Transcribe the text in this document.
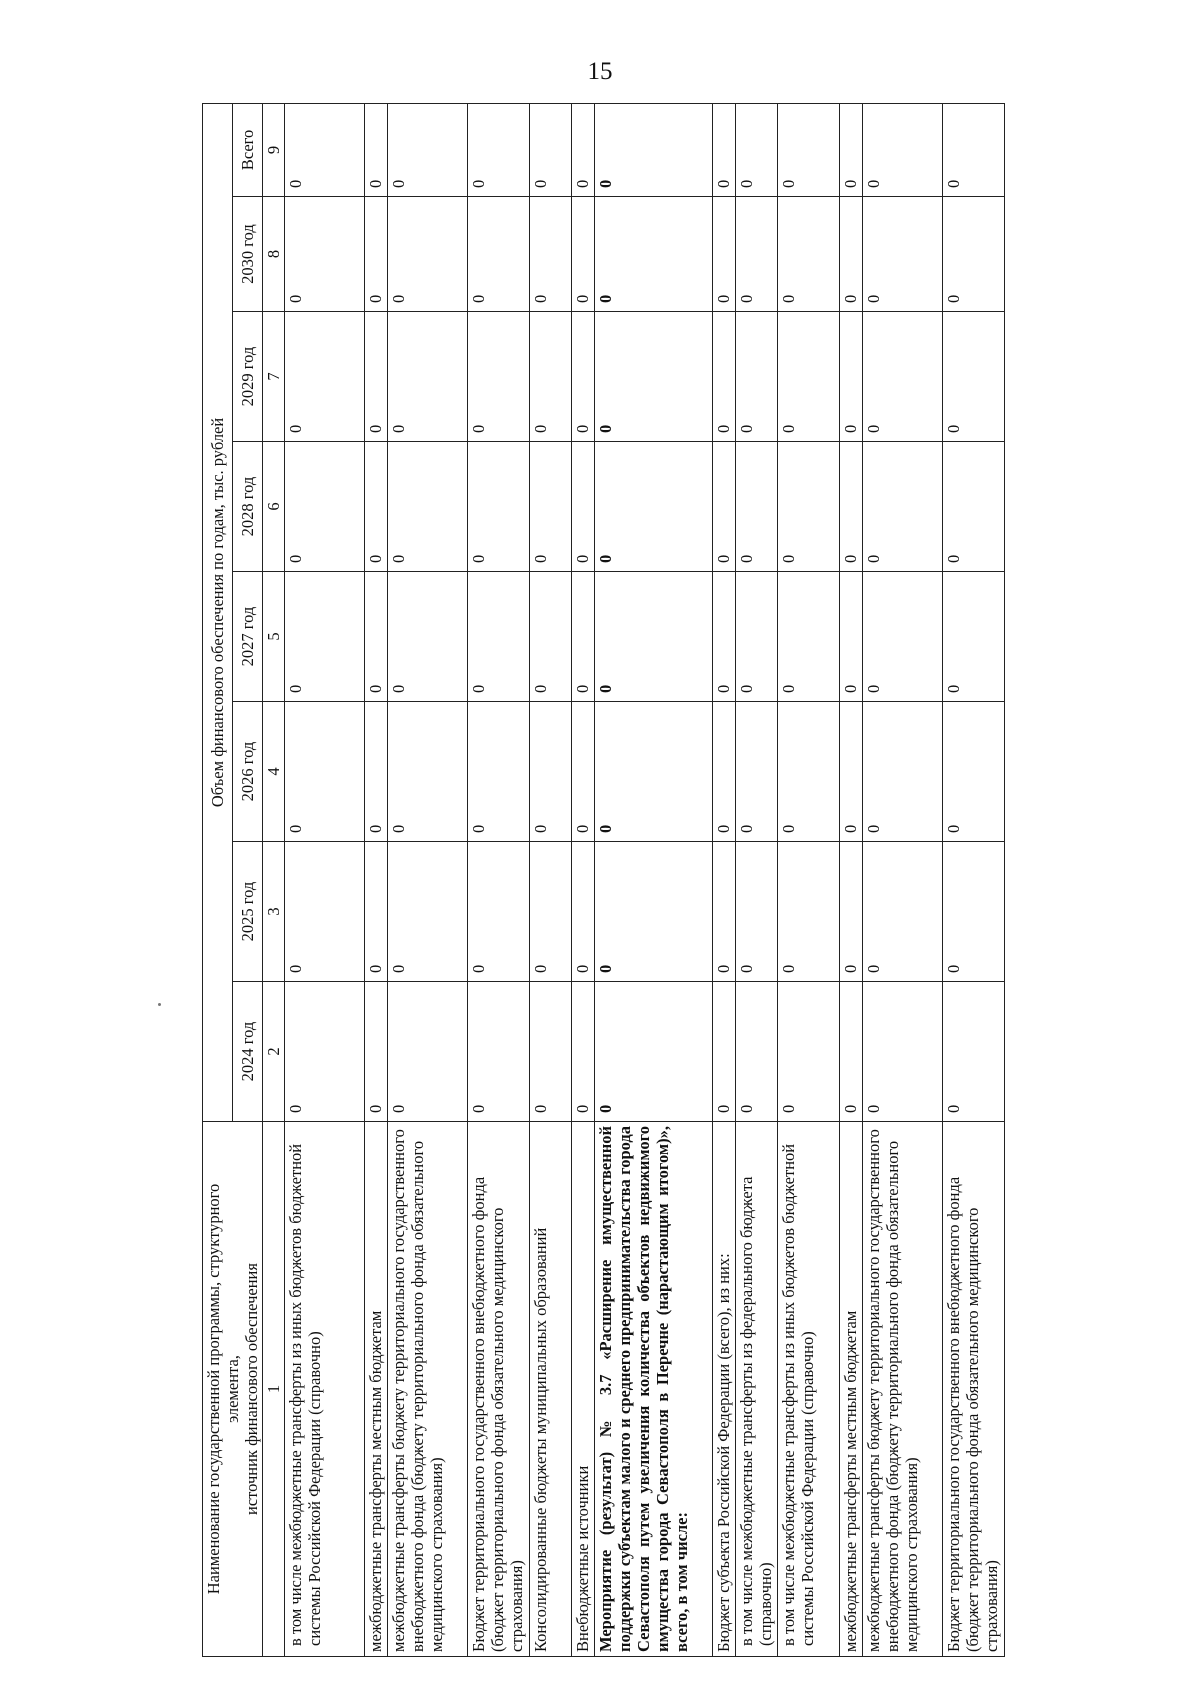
15
Наименование государственной программы, структурного элемента, источник финансового обеспечения	Объем финансового обеспечения по годам, тыс. рублей							
	2024 год	2025 год	2026 год	2027 год	2028 год	2029 год	2030 год	Всего
1	2	3	4	5	6	7	8	9
в том числе межбюджетные трансферты из иных бюджетов бюджетной системы Российской Федерации (справочно)	0	0	0	0	0	0	0	0
межбюджетные трансферты местным бюджетам	0	0	0	0	0	0	0	0
межбюджетные трансферты бюджету территориального государственного внебюджетного фонда (бюджету территориального фонда обязательного медицинского страхования)	0	0	0	0	0	0	0	0
Бюджет территориального государственного внебюджетного фонда (бюджет территориального фонда обязательного медицинского страхования)	0	0	0	0	0	0	0	0
Консолидированные бюджеты муниципальных образований	0	0	0	0	0	0	0	0
Внебюджетные источники	0	0	0	0	0	0	0	0
Мероприятие (результат) № 3.7 «Расширение имущественной поддержки субъектам малого и среднего предпринимательства города Севастополя путем увеличения количества объектов недвижимого имущества города Севастополя в Перечне (нарастающим итогом)», всего, в том числе:	0	0	0	0	0	0	0	0
Бюджет субъекта Российской Федерации (всего), из них:	0	0	0	0	0	0	0	0
в том числе межбюджетные трансферты из федерального бюджета (справочно)	0	0	0	0	0	0	0	0
в том числе межбюджетные трансферты из иных бюджетов бюджетной системы Российской Федерации (справочно)	0	0	0	0	0	0	0	0
межбюджетные трансферты местным бюджетам	0	0	0	0	0	0	0	0
межбюджетные трансферты бюджету территориального государственного внебюджетного фонда (бюджету территориального фонда обязательного медицинского страхования)	0	0	0	0	0	0	0	0
Бюджет территориального государственного внебюджетного фонда (бюджет территориального фонда обязательного медицинского страхования)	0	0	0	0	0	0	0	0
